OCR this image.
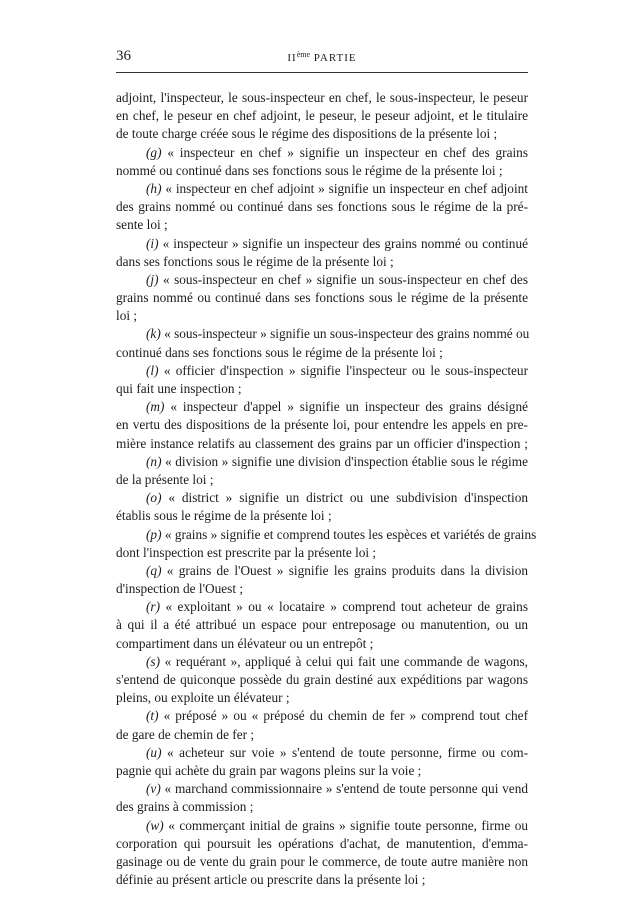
36	IIème PARTIE
adjoint, l'inspecteur, le sous-inspecteur en chef, le sous-inspecteur, le peseur
en chef, le peseur en chef adjoint, le peseur, le peseur adjoint, et le titulaire
de toute charge créée sous le régime des dispositions de la présente loi ;
(g) « inspecteur en chef » signifie un inspecteur en chef des grains
nommé ou continué dans ses fonctions sous le régime de la présente loi ;
(h) « inspecteur en chef adjoint » signifie un inspecteur en chef adjoint
des grains nommé ou continué dans ses fonctions sous le régime de la pré-
sente loi ;
(i) « inspecteur » signifie un inspecteur des grains nommé ou continué
dans ses fonctions sous le régime de la présente loi ;
(j) « sous-inspecteur en chef » signifie un sous-inspecteur en chef des
grains nommé ou continué dans ses fonctions sous le régime de la présente
loi ;
(k) « sous-inspecteur » signifie un sous-inspecteur des grains nommé ou
continué dans ses fonctions sous le régime de la présente loi ;
(l) « officier d'inspection » signifie l'inspecteur ou le sous-inspecteur
qui fait une inspection ;
(m) « inspecteur d'appel » signifie un inspecteur des grains désigné
en vertu des dispositions de la présente loi, pour entendre les appels en pre-
mière instance relatifs au classement des grains par un officier d'inspection ;
(n) « division » signifie une division d'inspection établie sous le régime
de la présente loi ;
(o) « district » signifie un district ou une subdivision d'inspection
établis sous le régime de la présente loi ;
(p) « grains » signifie et comprend toutes les espèces et variétés de grains
dont l'inspection est prescrite par la présente loi ;
(q) « grains de l'Ouest » signifie les grains produits dans la division
d'inspection de l'Ouest ;
(r) « exploitant » ou « locataire » comprend tout acheteur de grains
à qui il a été attribué un espace pour entreposage ou manutention, ou un
compartiment dans un élévateur ou un entrepôt ;
(s) « requérant », appliqué à celui qui fait une commande de wagons,
s'entend de quiconque possède du grain destiné aux expéditions par wagons
pleins, ou exploite un élévateur ;
(t) « préposé » ou « préposé du chemin de fer » comprend tout chef
de gare de chemin de fer ;
(u) « acheteur sur voie » s'entend de toute personne, firme ou com-
pagnie qui achète du grain par wagons pleins sur la voie ;
(v) « marchand commissionnaire » s'entend de toute personne qui vend
des grains à commission ;
(w) « commerçant initial de grains » signifie toute personne, firme ou
corporation qui poursuit les opérations d'achat, de manutention, d'emma-
gasinage ou de vente du grain pour le commerce, de toute autre manière non
définie au présent article ou prescrite dans la présente loi ;
